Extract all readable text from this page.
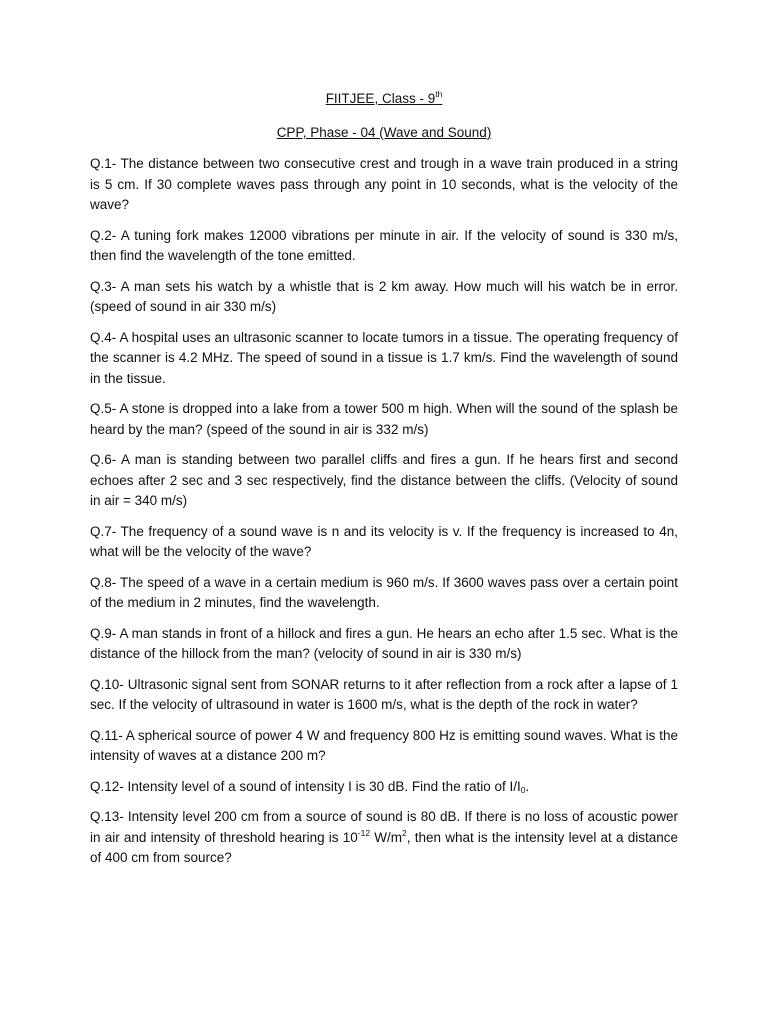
FIITJEE, Class - 9th

CPP, Phase - 04 (Wave and Sound)

Q.1- The distance between two consecutive crest and trough in a wave train produced in a string is 5 cm. If 30 complete waves pass through any point in 10 seconds, what is the velocity of the wave?

Q.2- A tuning fork makes 12000 vibrations per minute in air. If the velocity of sound is 330 m/s, then find the wavelength of the tone emitted.

Q.3- A man sets his watch by a whistle that is 2 km away. How much will his watch be in error. (speed of sound in air 330 m/s)

Q.4- A hospital uses an ultrasonic scanner to locate tumors in a tissue. The operating frequency of the scanner is 4.2 MHz. The speed of sound in a tissue is 1.7 km/s. Find the wavelength of sound in the tissue.

Q.5- A stone is dropped into a lake from a tower 500 m high. When will the sound of the splash be heard by the man? (speed of the sound in air is 332 m/s)

Q.6- A man is standing between two parallel cliffs and fires a gun. If he hears first and second echoes after 2 sec and 3 sec respectively, find the distance between the cliffs. (Velocity of sound in air = 340 m/s)

Q.7- The frequency of a sound wave is n and its velocity is v. If the frequency is increased to 4n, what will be the velocity of the wave?

Q.8- The speed of a wave in a certain medium is 960 m/s. If 3600 waves pass over a certain point of the medium in 2 minutes, find the wavelength.

Q.9- A man stands in front of a hillock and fires a gun. He hears an echo after 1.5 sec. What is the distance of the hillock from the man? (velocity of sound in air is 330 m/s)

Q.10- Ultrasonic signal sent from SONAR returns to it after reflection from a rock after a lapse of 1 sec. If the velocity of ultrasound in water is 1600 m/s, what is the depth of the rock in water?

Q.11- A spherical source of power 4 W and frequency 800 Hz is emitting sound waves. What is the intensity of waves at a distance 200 m?

Q.12- Intensity level of a sound of intensity I is 30 dB. Find the ratio of $I/I_0$.

Q.13- Intensity level 200 cm from a source of sound is 80 dB. If there is no loss of acoustic power in air and intensity of threshold hearing is $10^{-12}$ $W/m^2$, then what is the intensity level at a distance of 400 cm from source?
